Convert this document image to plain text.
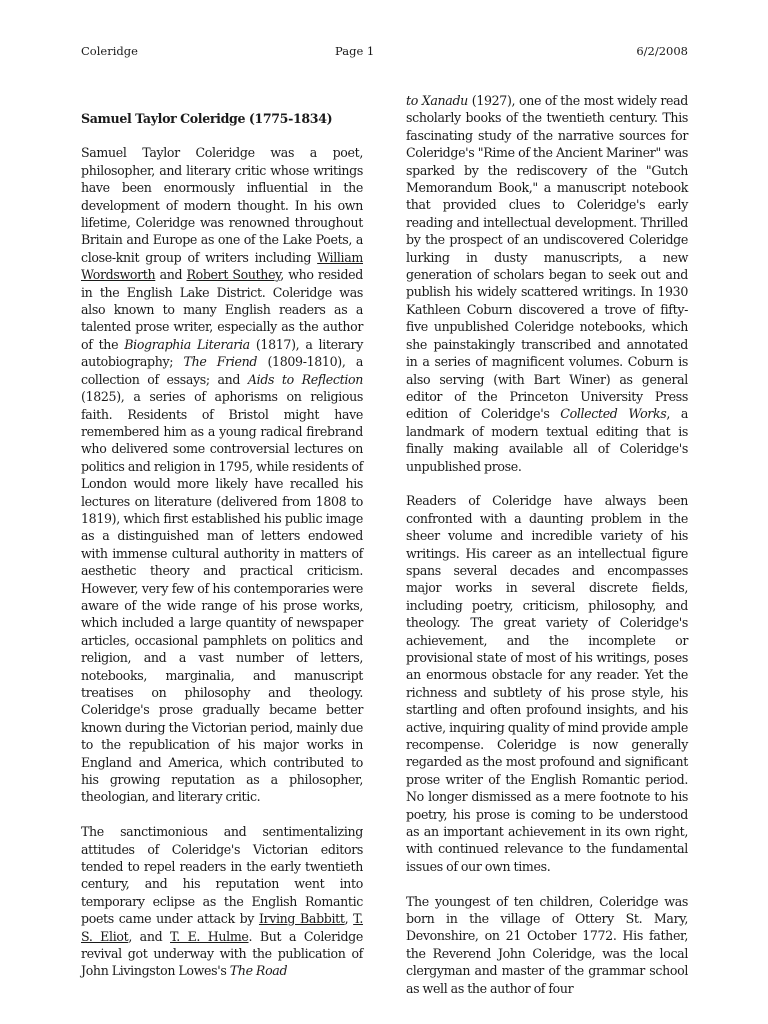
Coleridge	Page 1	6/2/2008
Samuel Taylor Coleridge (1775-1834)

Samuel Taylor Coleridge was a poet, philosopher, and literary critic whose writings have been enormously influential in the development of modern thought. In his own lifetime, Coleridge was renowned throughout Britain and Europe as one of the Lake Poets, a close-knit group of writers including William Wordsworth and Robert Southey, who resided in the English Lake District. Coleridge was also known to many English readers as a talented prose writer, especially as the author of the Biographia Literaria (1817), a literary autobiography; The Friend (1809-1810), a collection of essays; and Aids to Reflection (1825), a series of aphorisms on religious faith. Residents of Bristol might have remembered him as a young radical firebrand who delivered some controversial lectures on politics and religion in 1795, while residents of London would more likely have recalled his lectures on literature (delivered from 1808 to 1819), which first established his public image as a distinguished man of letters endowed with immense cultural authority in matters of aesthetic theory and practical criticism. However, very few of his contemporaries were aware of the wide range of his prose works, which included a large quantity of newspaper articles, occasional pamphlets on politics and religion, and a vast number of letters, notebooks, marginalia, and manuscript treatises on philosophy and theology. Coleridge's prose gradually became better known during the Victorian period, mainly due to the republication of his major works in England and America, which contributed to his growing reputation as a philosopher, theologian, and literary critic.

The sanctimonious and sentimentalizing attitudes of Coleridge's Victorian editors tended to repel readers in the early twentieth century, and his reputation went into temporary eclipse as the English Romantic poets came under attack by Irving Babbitt, T. S. Eliot, and T. E. Hulme. But a Coleridge revival got underway with the publication of John Livingston Lowes's The Road

to Xanadu (1927), one of the most widely read scholarly books of the twentieth century. This fascinating study of the narrative sources for Coleridge's "Rime of the Ancient Mariner" was sparked by the rediscovery of the "Gutch Memorandum Book," a manuscript notebook that provided clues to Coleridge's early reading and intellectual development. Thrilled by the prospect of an undiscovered Coleridge lurking in dusty manuscripts, a new generation of scholars began to seek out and publish his widely scattered writings. In 1930 Kathleen Coburn discovered a trove of fifty-five unpublished Coleridge notebooks, which she painstakingly transcribed and annotated in a series of magnificent volumes. Coburn is also serving (with Bart Winer) as general editor of the Princeton University Press edition of Coleridge's Collected Works, a landmark of modern textual editing that is finally making available all of Coleridge's unpublished prose.

Readers of Coleridge have always been confronted with a daunting problem in the sheer volume and incredible variety of his writings. His career as an intellectual figure spans several decades and encompasses major works in several discrete fields, including poetry, criticism, philosophy, and theology. The great variety of Coleridge's achievement, and the incomplete or provisional state of most of his writings, poses an enormous obstacle for any reader. Yet the richness and subtlety of his prose style, his startling and often profound insights, and his active, inquiring quality of mind provide ample recompense. Coleridge is now generally regarded as the most profound and significant prose writer of the English Romantic period. No longer dismissed as a mere footnote to his poetry, his prose is coming to be understood as an important achievement in its own right, with continued relevance to the fundamental issues of our own times.

The youngest of ten children, Coleridge was born in the village of Ottery St. Mary, Devonshire, on 21 October 1772. His father, the Reverend John Coleridge, was the local clergyman and master of the grammar school as well as the author of four
